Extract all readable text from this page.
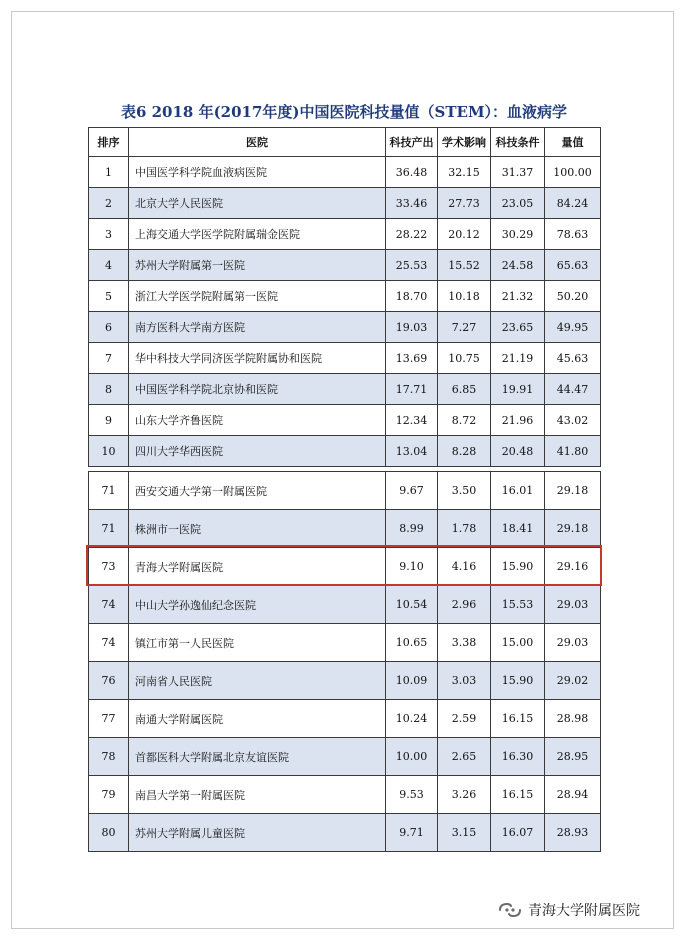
表6 2018 年(2017年度)中国医院科技量值（STEM）：血液病学
排序	医院	科技产出	学术影响	科技条件	量值
1	中国医学科学院血液病医院	36.48	32.15	31.37	100.00
2	北京大学人民医院	33.46	27.73	23.05	84.24
3	上海交通大学医学院附属瑞金医院	28.22	20.12	30.29	78.63
4	苏州大学附属第一医院	25.53	15.52	24.58	65.63
5	浙江大学医学院附属第一医院	18.70	10.18	21.32	50.20
6	南方医科大学南方医院	19.03	7.27	23.65	49.95
7	华中科技大学同济医学院附属协和医院	13.69	10.75	21.19	45.63
8	中国医学科学院北京协和医院	17.71	6.85	19.91	44.47
9	山东大学齐鲁医院	12.34	8.72	21.96	43.02
10	四川大学华西医院	13.04	8.28	20.48	41.80
71	西安交通大学第一附属医院	9.67	3.50	16.01	29.18
71	株洲市一医院	8.99	1.78	18.41	29.18
73	青海大学附属医院	9.10	4.16	15.90	29.16
74	中山大学孙逸仙纪念医院	10.54	2.96	15.53	29.03
74	镇江市第一人民医院	10.65	3.38	15.00	29.03
76	河南省人民医院	10.09	3.03	15.90	29.02
77	南通大学附属医院	10.24	2.59	16.15	28.98
78	首都医科大学附属北京友谊医院	10.00	2.65	16.30	28.95
79	南昌大学第一附属医院	9.53	3.26	16.15	28.94
80	苏州大学附属儿童医院	9.71	3.15	16.07	28.93
青海大学附属医院
